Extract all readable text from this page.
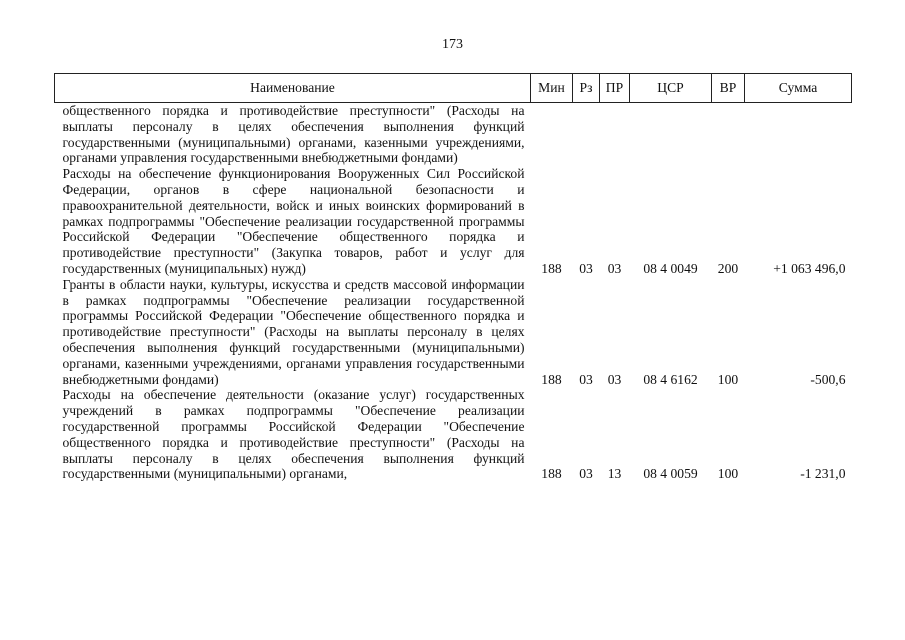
173
Наименование	Мин	Рз	ПР	ЦСР	ВР	Сумма
общественного порядка и противодействие преступности" (Расходы на выплаты персоналу в целях обеспечения выполнения функций государственными (муниципальными) органами, казенными учреждениями, органами управления государственными внебюджетными фондами)						
Расходы на обеспечение функционирования Вооруженных Сил Российской Федерации, органов в сфере национальной безопасности и правоохранительной деятельности, войск и иных воинских формирований в рамках подпрограммы "Обеспечение реализации государственной программы Российской Федерации "Обеспечение общественного порядка и противодействие преступности" (Закупка товаров, работ и услуг для государственных (муниципальных) нужд)	188	03	03	08 4 0049	200	+1 063 496,0
Гранты в области науки, культуры, искусства и средств массовой информации в рамках подпрограммы "Обеспечение реализации государственной программы Российской Федерации "Обеспечение общественного порядка и противодействие преступности" (Расходы на выплаты персоналу в целях обеспечения выполнения функций государственными (муниципальными) органами, казенными учреждениями, органами управления государственными внебюджетными фондами)	188	03	03	08 4 6162	100	-500,6
Расходы на обеспечение деятельности (оказание услуг) государственных учреждений в рамках подпрограммы "Обеспечение реализации государственной программы Российской Федерации "Обеспечение общественного порядка и противодействие преступности" (Расходы на выплаты персоналу в целях обеспечения выполнения функций государственными (муниципальными) органами,	188	03	13	08 4 0059	100	-1 231,0
